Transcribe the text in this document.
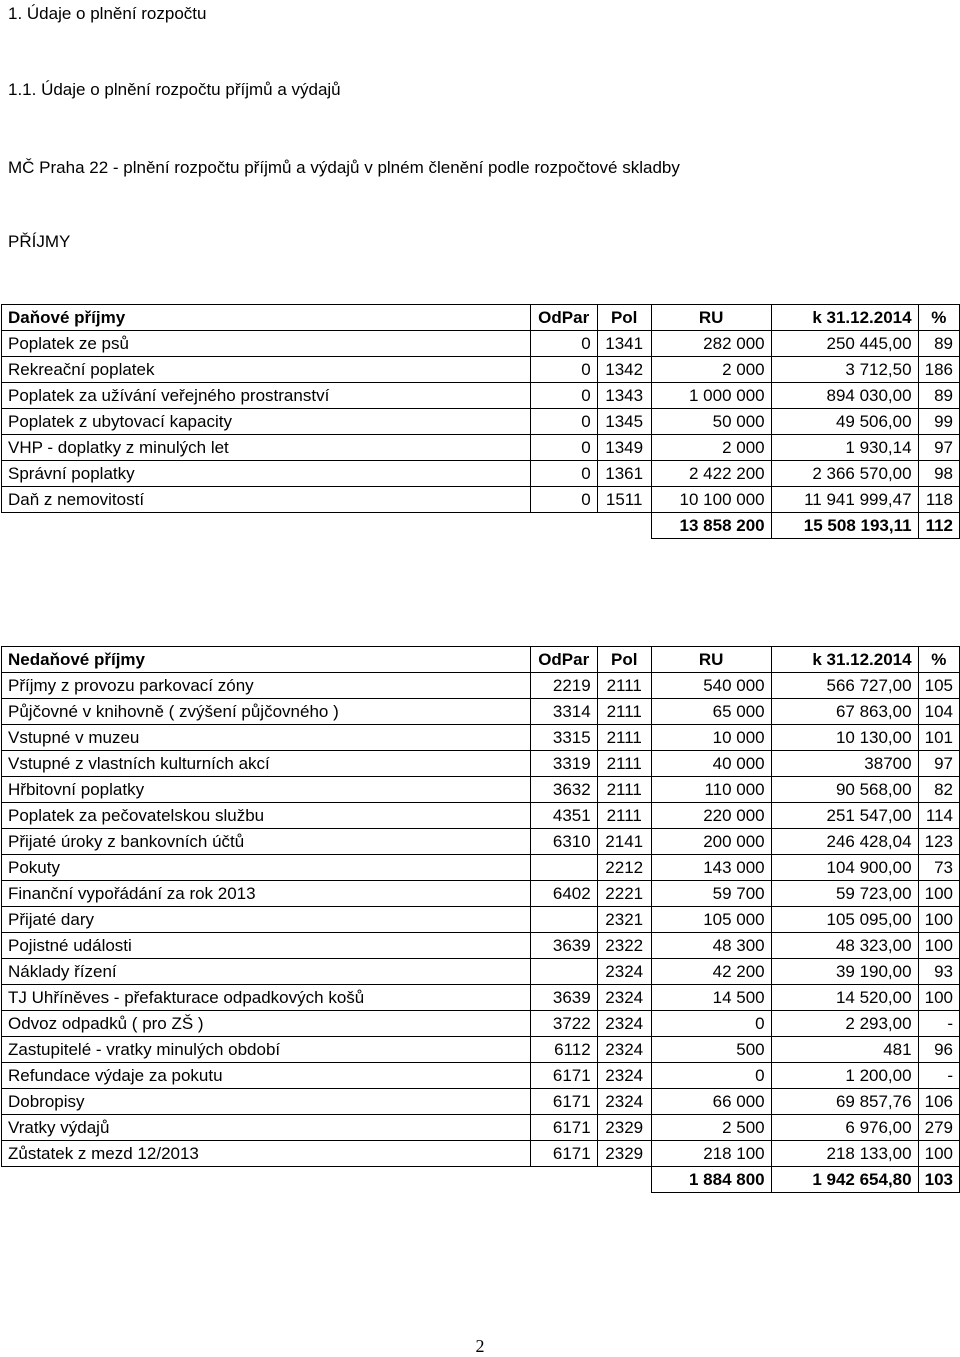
1. Údaje o plnění rozpočtu
1.1. Údaje o plnění rozpočtu příjmů a výdajů
MČ Praha 22 - plnění rozpočtu příjmů a výdajů v plném členění podle rozpočtové skladby
PŘÍJMY
Daňové příjmy	OdPar	Pol	RU	k 31.12.2014	%
Poplatek ze psů	0	1341	282 000	250 445,00	89
Rekreační poplatek	0	1342	2 000	3 712,50	186
Poplatek za užívání veřejného prostranství	0	1343	1 000 000	894 030,00	89
Poplatek z ubytovací kapacity	0	1345	50 000	49 506,00	99
VHP - doplatky z minulých let	0	1349	2 000	1 930,14	97
Správní poplatky	0	1361	2 422 200	2 366 570,00	98
Daň z nemovitostí	0	1511	10 100 000	11 941 999,47	118
			13 858 200	15 508 193,11	112
Nedaňové příjmy	OdPar	Pol	RU	k 31.12.2014	%
Příjmy z provozu parkovací zóny	2219	2111	540 000	566 727,00	105
Půjčovné v knihovně ( zvýšení půjčovného )	3314	2111	65 000	67 863,00	104
Vstupné v muzeu	3315	2111	10 000	10 130,00	101
Vstupné z vlastních kulturních akcí	3319	2111	40 000	38700	97
Hřbitovní poplatky	3632	2111	110 000	90 568,00	82
Poplatek za pečovatelskou službu	4351	2111	220 000	251 547,00	114
Přijaté úroky z bankovních účtů	6310	2141	200 000	246 428,04	123
Pokuty		2212	143 000	104 900,00	73
Finanční vypořádání za rok 2013	6402	2221	59 700	59 723,00	100
Přijaté dary		2321	105 000	105 095,00	100
Pojistné události	3639	2322	48 300	48 323,00	100
Náklady řízení		2324	42 200	39 190,00	93
TJ Uhříněves - přefakturace odpadkových košů	3639	2324	14 500	14 520,00	100
Odvoz odpadků ( pro ZŠ )	3722	2324	0	2 293,00	-
Zastupitelé - vratky minulých období	6112	2324	500	481	96
Refundace výdaje za pokutu	6171	2324	0	1 200,00	-
Dobropisy	6171	2324	66 000	69 857,76	106
Vratky výdajů	6171	2329	2 500	6 976,00	279
Zůstatek z mezd 12/2013	6171	2329	218 100	218 133,00	100
			1 884 800	1 942 654,80	103
2
